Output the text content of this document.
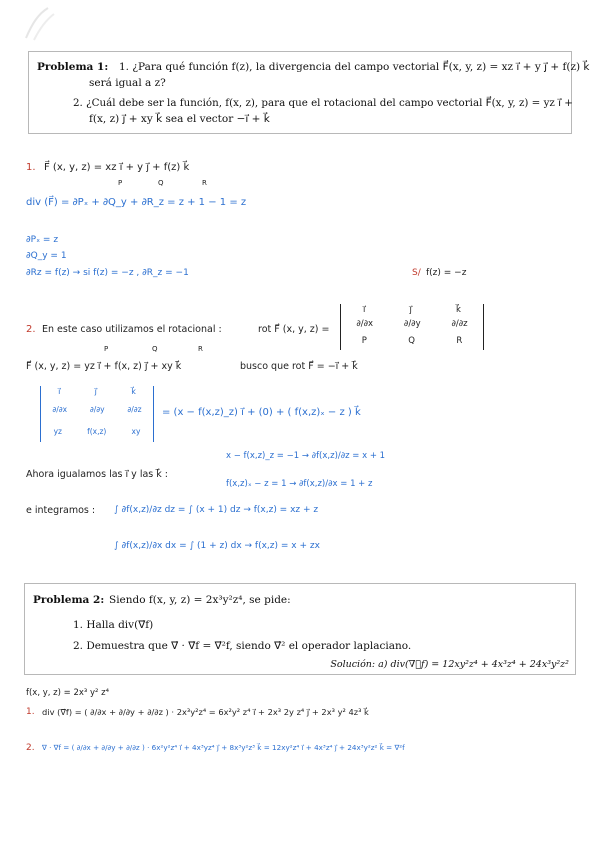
Problema 1: 1. ¿Para qué función f(z), la divergencia del campo vectorial F⃗(x, y, z) = xz i⃗ + y j⃗ + f(z) k⃗
será igual a z?
2. ¿Cuál debe ser la función, f(x, z), para que el rotacional del campo vectorial F⃗(x, y, z) = yz i⃗ +
f(x, z) j⃗ + xy k⃗ sea el vector −i⃗ + k⃗
1. F⃗ (x, y, z) = xz i⃗ + y j⃗ + f(z) k⃗
P	Q	R
div (F⃗) = ∂Pₓ + ∂Q_y + ∂R_z = z + 1 − 1 = z
∂Pₓ = z
∂Q_y = 1
∂Rz = f(z) → si f(z) = −z , ∂R_z = −1	S/ f(z) = −z
2. En este caso utilizamos el rotacional :	rot F⃗ (x, y, z) =
i⃗	j⃗	k⃗
∂/∂x	∂/∂y	∂/∂z
P	Q	R
P	Q	R
F⃗ (x, y, z) = yz i⃗ + f(x, z) j⃗ + xy k⃗	busco que rot F⃗ = −i⃗ + k⃗
i⃗	j⃗	k⃗
∂/∂x	∂/∂y	∂/∂z
yz	f(x,z)	xy
= (x − f(x,z)_z) i⃗ + (0) + ( f(x,z)ₓ − z ) k⃗
x − f(x,z)_z = −1 → ∂f(x,z)/∂z = x + 1
Ahora igualamos las i⃗ y las k⃗ :
f(x,z)ₓ − z = 1 → ∂f(x,z)/∂x = 1 + z
e integramos : ∫ ∂f(x,z)/∂z dz = ∫ (x + 1) dz → f(x,z) = xz + z
∫ ∂f(x,z)/∂x dx = ∫ (1 + z) dx → f(x,z) = x + zx
Problema 2: Siendo f(x, y, z) = 2x³y²z⁴, se pide:
1. Halla div(∇⃗f)
2. Demuestra que ∇⃗ · ∇⃗f = ∇⃗²f, siendo ∇⃗² el operador laplaciano.
Solución: a) div(∇⃗f) = 12xy²z⁴ + 4x³z⁴ + 24x³y²z²
f(x, y, z) = 2x³ y² z⁴
1. div (∇⃗f) = ( ∂/∂x + ∂/∂y + ∂/∂z ) · 2x³y²z⁴ = 6x²y² z⁴ i⃗ + 2x³ 2y z⁴ j⃗ + 2x³ y² 4z³ k⃗
2. ∇ · ∇f = ( ∂/∂x + ∂/∂y + ∂/∂z ) · 6x²y²z⁴ i⃗ + 4x³yz⁴ j⃗ + 8x³y²z³ k⃗ = 12xy²z⁴ i⃗ + 4x³z⁴ j⃗ + 24x³y²z² k⃗ = ∇²f
